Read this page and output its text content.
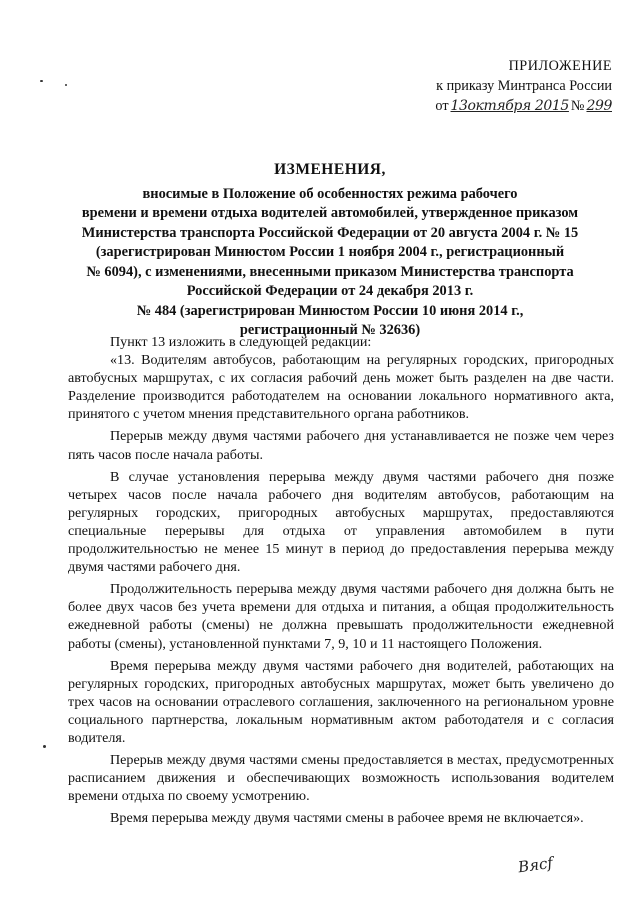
ПРИЛОЖЕНИЕ
к приказу Минтранса России
от 13октября 2015 № 299
ИЗМЕНЕНИЯ,
вносимые в Положение об особенностях режима рабочего
времени и времени отдыха водителей автомобилей, утвержденное приказом
Министерства транспорта Российской Федерации от 20 августа 2004 г. № 15
(зарегистрирован Минюстом России 1 ноября 2004 г., регистрационный
№ 6094), с изменениями, внесенными приказом Министерства транспорта
Российской Федерации от 24 декабря 2013 г.
№ 484 (зарегистрирован Минюстом России 10 июня 2014 г.,
регистрационный № 32636)

Пункт 13 изложить в следующей редакции:

«13. Водителям автобусов, работающим на регулярных городских, пригородных автобусных маршрутах, с их согласия рабочий день может быть разделен на две части. Разделение производится работодателем на основании локального нормативного акта, принятого с учетом мнения представительного органа работников.

Перерыв между двумя частями рабочего дня устанавливается не позже чем через пять часов после начала работы.

В случае установления перерыва между двумя частями рабочего дня позже четырех часов после начала рабочего дня водителям автобусов, работающим на регулярных городских, пригородных автобусных маршрутах, предоставляются специальные перерывы для отдыха от управления автомобилем в пути продолжительностью не менее 15 минут в период до предоставления перерыва между двумя частями рабочего дня.

Продолжительность перерыва между двумя частями рабочего дня должна быть не более двух часов без учета времени для отдыха и питания, а общая продолжительность ежедневной работы (смены) не должна превышать продолжительности ежедневной работы (смены), установленной пунктами 7, 9, 10 и 11 настоящего Положения.

Время перерыва между двумя частями рабочего дня водителей, работающих на регулярных городских, пригородных автобусных маршрутах, может быть увеличено до трех часов на основании отраслевого соглашения, заключенного на региональном уровне социального партнерства, локальным нормативным актом работодателя и с согласия водителя.

Перерыв между двумя частями смены предоставляется в местах, предусмотренных расписанием движения и обеспечивающих возможность использования водителем времени отдыха по своему усмотрению.

Время перерыва между двумя частями смены в рабочее время не включается».

Вясf
